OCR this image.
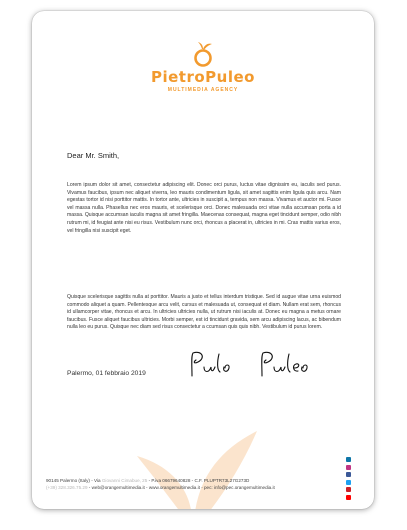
PietroPuleo
MULTIMEDIA AGENCY
Dear Mr. Smith,
Lorem ipsum dolor sit amet, consectetur adipiscing elit. Donec orci purus, luctus vitae dignissim eu, iaculis sed purus. Vivamus faucibus, ipsum nec aliquet viverra, leo mauris condimentum ligula, sit amet sagittis enim ligula quis arcu. Nam egestas tortor id nisi porttitor mattis. In tortor ante, ultricies in suscipit a, tempus non massa. Vivamus et auctor mi. Fusce vel massa nulla. Phasellus nec eros mauris, et scelerisque orci. Donec malesuada orci vitae nulla accumsan porta a id massa. Quisque accumsan iaculis magna sit amet fringilla. Maecenas consequat, magna eget tincidunt semper, odio nibh rutrum mi, id feugiat ante nisi eu risus. Vestibulum nunc orci, rhoncus a placerat in, ultricies in mi. Cras mattis varius eros, vel fringilla nisi suscipit eget.
Quisque scelerisque sagittis nulla at porttitor. Mauris a justo et tellus interdum tristique. Sed id augue vitae urna euismod commodo aliquet a quam. Pellentesque arcu velit, cursus et malesuada ut, consequat et diam. Nullam erat sem, rhoncus id ullamcorper vitae, rhoncus et arcu. In ultricies ultricies nulla, ut rutrum nisi iaculis at. Donec eu magna a metus ornare faucibus. Fusce aliquet faucibus ultricies. Morbi semper, est id tincidunt gravida, sem arcu adipiscing lacus, ac bibendum nulla leo eu purus. Quisque nec diam sed risus consectetur a ccumsan quis quis nibh. Vestibulum id purus lorem.
Palermo, 01 febbraio 2019
90145 Palermo (Italy) - Via Giovanni Cimabue, 25 - P.iva 06679640828 - C.F. PLUPTR73L27G273D
(+39) 328.326.75.29 - web@orangemultimedia.it - www.orangemultimedia.it - pec: info@pec.orangemultimedia.it
